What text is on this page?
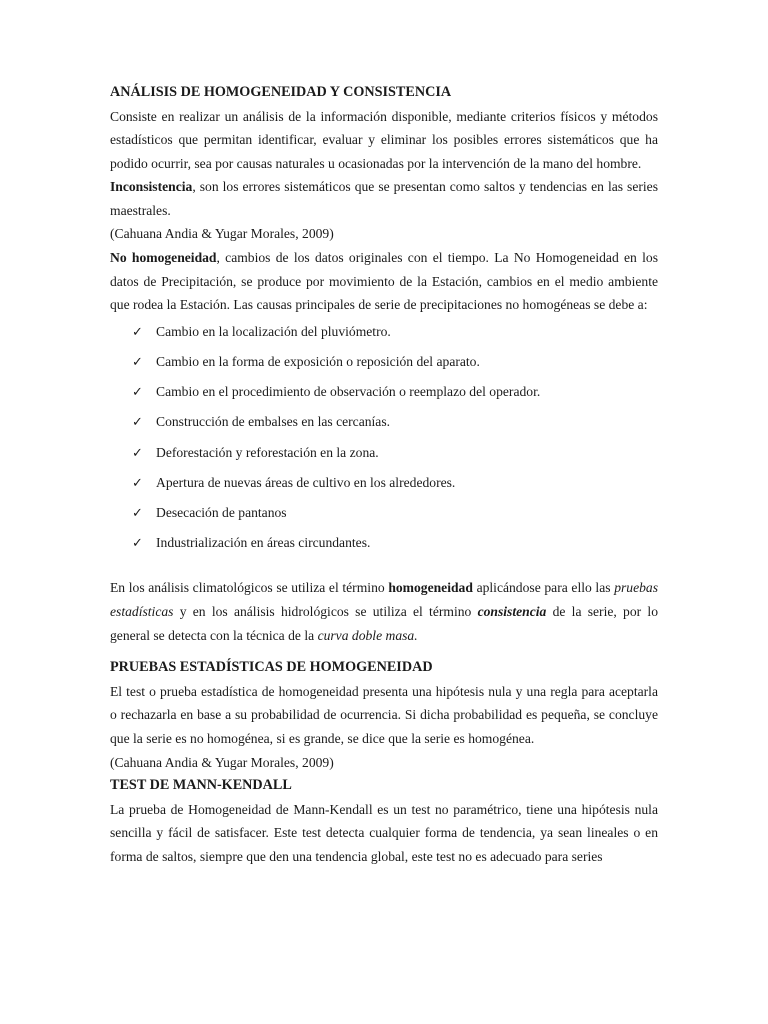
ANÁLISIS DE HOMOGENEIDAD Y CONSISTENCIA

Consiste en realizar un análisis de la información disponible, mediante criterios físicos y métodos estadísticos que permitan identificar, evaluar y eliminar los posibles errores sistemáticos que ha podido ocurrir, sea por causas naturales u ocasionadas por la intervención de la mano del hombre.

Inconsistencia, son los errores sistemáticos que se presentan como saltos y tendencias en las series maestrales.

(Cahuana Andia & Yugar Morales, 2009)

No homogeneidad, cambios de los datos originales con el tiempo. La No Homogeneidad en los datos de Precipitación, se produce por movimiento de la Estación, cambios en el medio ambiente que rodea la Estación. Las causas principales de serie de precipitaciones no homogéneas se debe a:

✓ Cambio en la localización del pluviómetro.
✓ Cambio en la forma de exposición o reposición del aparato.
✓ Cambio en el procedimiento de observación o reemplazo del operador.
✓ Construcción de embalses en las cercanías.
✓ Deforestación y reforestación en la zona.
✓ Apertura de nuevas áreas de cultivo en los alrededores.
✓ Desecación de pantanos
✓ Industrialización en áreas circundantes.

En los análisis climatológicos se utiliza el término homogeneidad aplicándose para ello las pruebas estadísticas y en los análisis hidrológicos se utiliza el término consistencia de la serie, por lo general se detecta con la técnica de la curva doble masa.

PRUEBAS ESTADÍSTICAS DE HOMOGENEIDAD

El test o prueba estadística de homogeneidad presenta una hipótesis nula y una regla para aceptarla o rechazarla en base a su probabilidad de ocurrencia. Si dicha probabilidad es pequeña, se concluye que la serie es no homogénea, si es grande, se dice que la serie es homogénea.

(Cahuana Andia & Yugar Morales, 2009)

TEST DE MANN-KENDALL

La prueba de Homogeneidad de Mann-Kendall es un test no paramétrico, tiene una hipótesis nula sencilla y fácil de satisfacer. Este test detecta cualquier forma de tendencia, ya sean lineales o en forma de saltos, siempre que den una tendencia global, este test no es adecuado para series
